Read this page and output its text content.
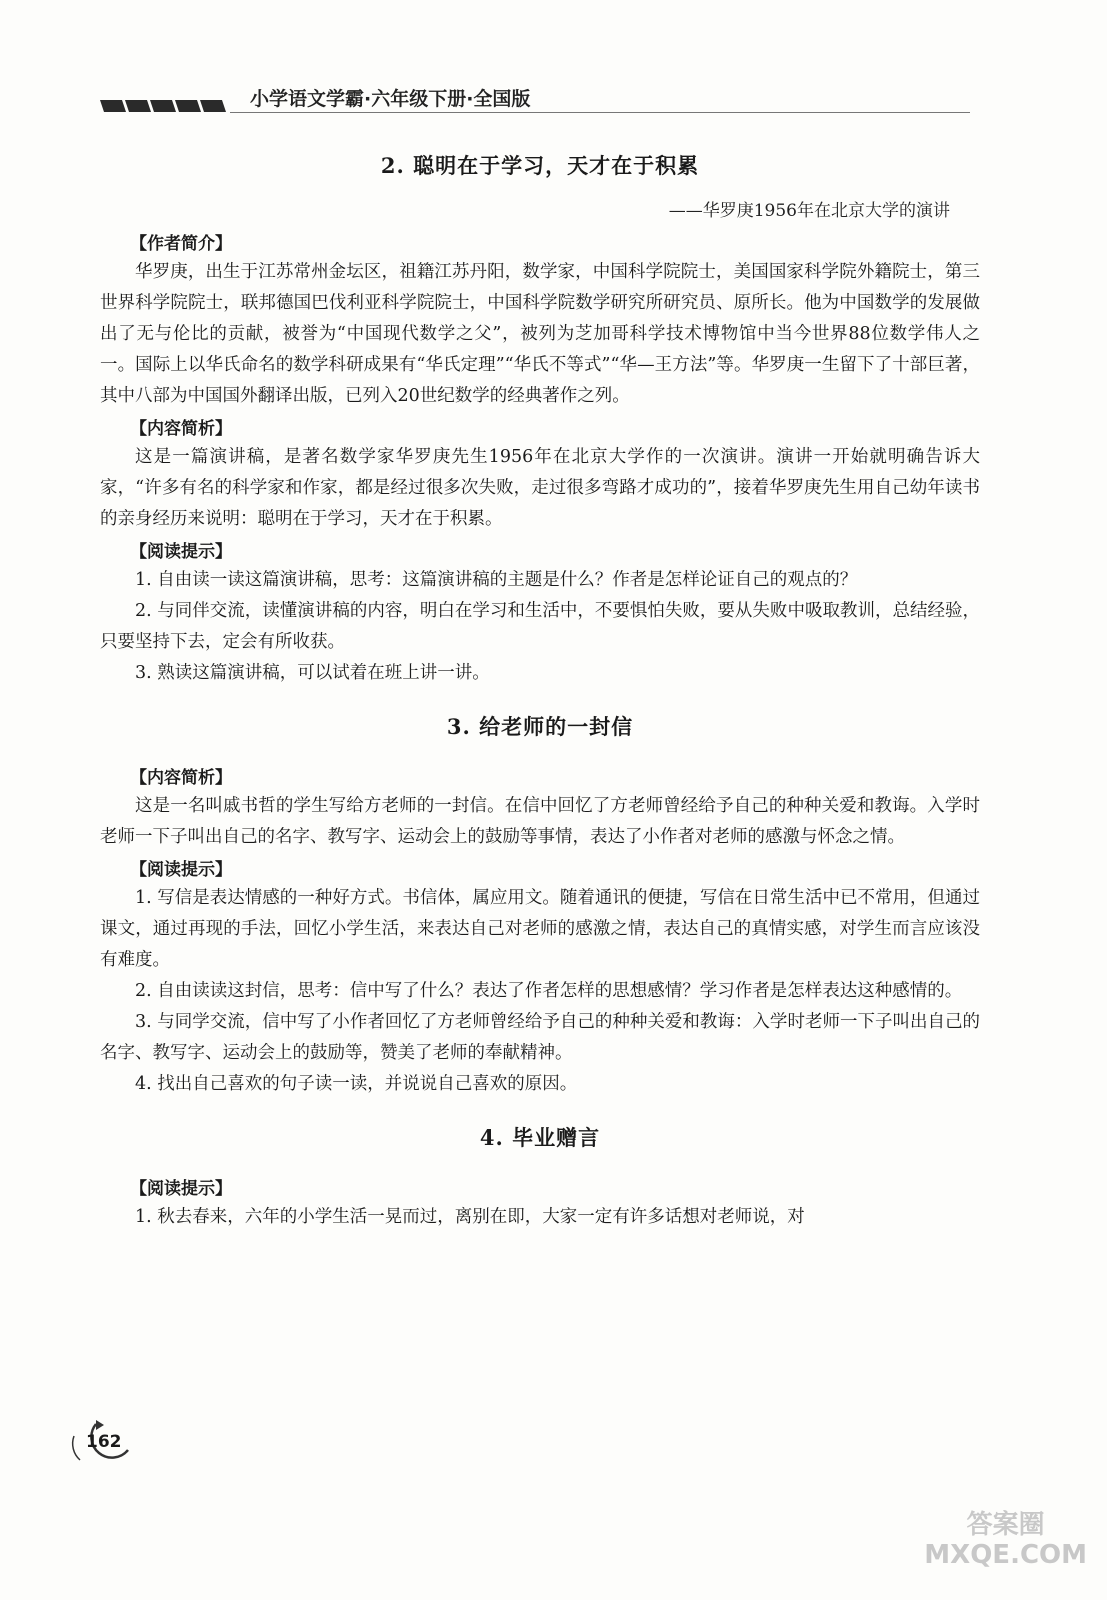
小学语文学霸·六年级下册·全国版
2. 聪明在于学习，天才在于积累
——华罗庚1956年在北京大学的演讲
【作者简介】

华罗庚，出生于江苏常州金坛区，祖籍江苏丹阳，数学家，中国科学院院士，美国国家科学院外籍院士，第三世界科学院院士，联邦德国巴伐利亚科学院院士，中国科学院数学研究所研究员、原所长。他为中国数学的发展做出了无与伦比的贡献，被誉为“中国现代数学之父”，被列为芝加哥科学技术博物馆中当今世界88位数学伟人之一。国际上以华氏命名的数学科研成果有“华氏定理”“华氏不等式”“华—王方法”等。华罗庚一生留下了十部巨著，其中八部为中国国外翻译出版，已列入20世纪数学的经典著作之列。

【内容简析】

这是一篇演讲稿，是著名数学家华罗庚先生1956年在北京大学作的一次演讲。演讲一开始就明确告诉大家，“许多有名的科学家和作家，都是经过很多次失败，走过很多弯路才成功的”，接着华罗庚先生用自己幼年读书的亲身经历来说明：聪明在于学习，天才在于积累。

【阅读提示】

1. 自由读一读这篇演讲稿，思考：这篇演讲稿的主题是什么？作者是怎样论证自己的观点的？

2. 与同伴交流，读懂演讲稿的内容，明白在学习和生活中，不要惧怕失败，要从失败中吸取教训，总结经验，只要坚持下去，定会有所收获。

3. 熟读这篇演讲稿，可以试着在班上讲一讲。

3. 给老师的一封信
【内容简析】

这是一名叫戚书哲的学生写给方老师的一封信。在信中回忆了方老师曾经给予自己的种种关爱和教诲。入学时老师一下子叫出自己的名字、教写字、运动会上的鼓励等事情，表达了小作者对老师的感激与怀念之情。

【阅读提示】

1. 写信是表达情感的一种好方式。书信体，属应用文。随着通讯的便捷，写信在日常生活中已不常用，但通过课文，通过再现的手法，回忆小学生活，来表达自己对老师的感激之情，表达自己的真情实感，对学生而言应该没有难度。

2. 自由读读这封信，思考：信中写了什么？表达了作者怎样的思想感情？学习作者是怎样表达这种感情的。

3. 与同学交流，信中写了小作者回忆了方老师曾经给予自己的种种关爱和教诲：入学时老师一下子叫出自己的名字、教写字、运动会上的鼓励等，赞美了老师的奉献精神。

4. 找出自己喜欢的句子读一读，并说说自己喜欢的原因。

4. 毕业赠言
【阅读提示】

1. 秋去春来，六年的小学生活一晃而过，离别在即，大家一定有许多话想对老师说，对

162
答案圈
MXQE.COM
